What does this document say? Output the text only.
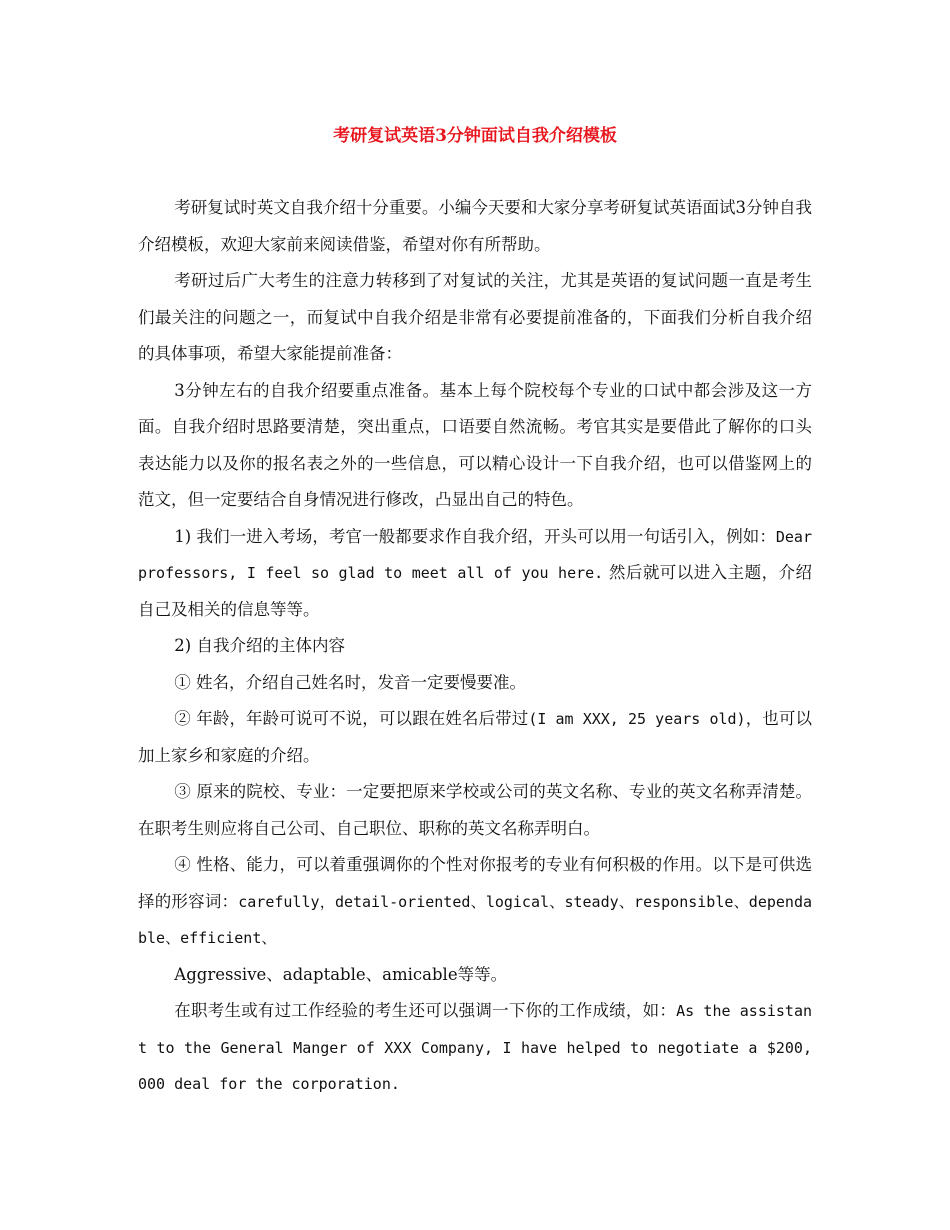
考研复试英语3分钟面试自我介绍模板

考研复试时英文自我介绍十分重要。小编今天要和大家分享考研复试英语面试3分钟自我介绍模板，欢迎大家前来阅读借鉴，希望对你有所帮助。

考研过后广大考生的注意力转移到了对复试的关注，尤其是英语的复试问题一直是考生们最关注的问题之一，而复试中自我介绍是非常有必要提前准备的，下面我们分析自我介绍的具体事项，希望大家能提前准备：

3分钟左右的自我介绍要重点准备。基本上每个院校每个专业的口试中都会涉及这一方面。自我介绍时思路要清楚，突出重点，口语要自然流畅。考官其实是要借此了解你的口头表达能力以及你的报名表之外的一些信息，可以精心设计一下自我介绍，也可以借鉴网上的范文，但一定要结合自身情况进行修改，凸显出自己的特色。

1) 我们一进入考场，考官一般都要求作自我介绍，开头可以用一句话引入，例如：Dear professors, I feel so glad to meet all of you here. 然后就可以进入主题，介绍自己及相关的信息等等。

2) 自我介绍的主体内容

① 姓名，介绍自己姓名时，发音一定要慢要准。

② 年龄，年龄可说可不说，可以跟在姓名后带过(I am XXX, 25 years old)，也可以加上家乡和家庭的介绍。

③ 原来的院校、专业：一定要把原来学校或公司的英文名称、专业的英文名称弄清楚。在职考生则应将自己公司、自己职位、职称的英文名称弄明白。

④ 性格、能力，可以着重强调你的个性对你报考的专业有何积极的作用。以下是可供选择的形容词：carefully，detail-oriented、logical、steady、responsible、dependable、efficient、

Aggressive、adaptable、amicable等等。

在职考生或有过工作经验的考生还可以强调一下你的工作成绩，如：As the assistant to the General Manger of XXX Company, I have helped to negotiate a $200,000 deal for the corporation.
